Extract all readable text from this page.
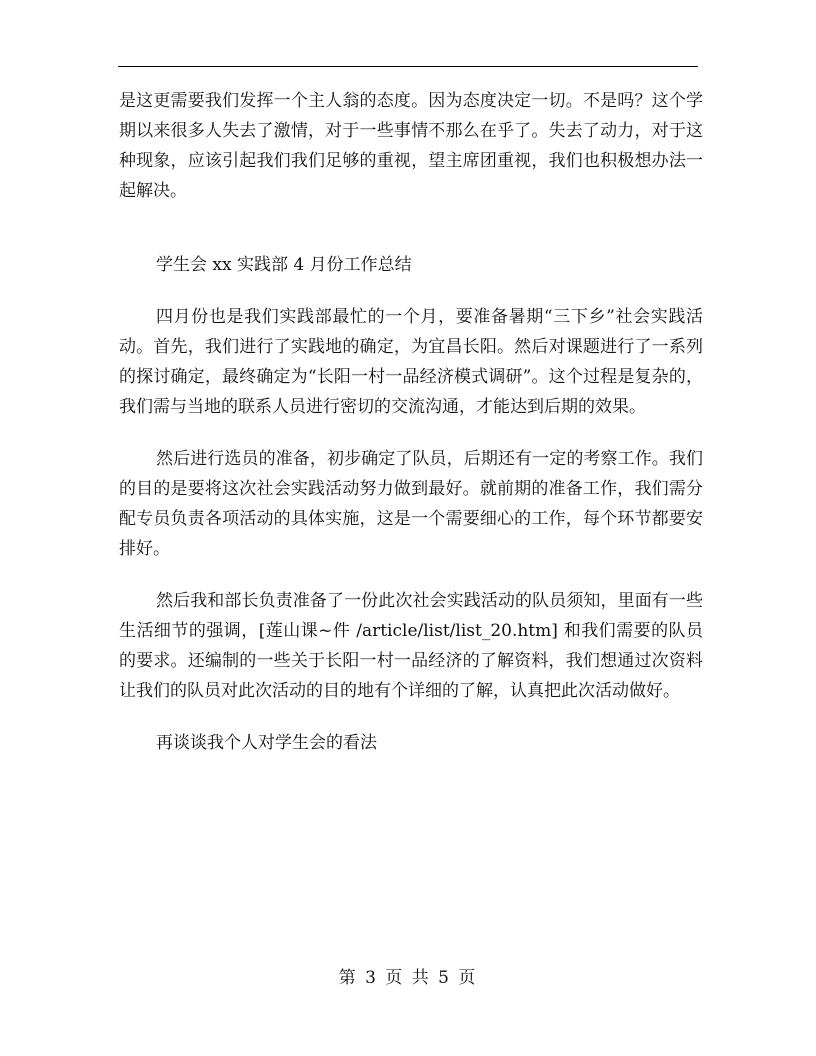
是这更需要我们发挥一个主人翁的态度。因为态度决定一切。不是吗？这个学期以来很多人失去了激情，对于一些事情不那么在乎了。失去了动力，对于这种现象，应该引起我们我们足够的重视，望主席团重视，我们也积极想办法一起解决。

学生会 xx 实践部 4 月份工作总结

四月份也是我们实践部最忙的一个月，要准备暑期“三下乡”社会实践活动。首先，我们进行了实践地的确定，为宜昌长阳。然后对课题进行了一系列的探讨确定，最终确定为“长阳一村一品经济模式调研”。这个过程是复杂的，我们需与当地的联系人员进行密切的交流沟通，才能达到后期的效果。

然后进行选员的准备，初步确定了队员，后期还有一定的考察工作。我们的目的是要将这次社会实践活动努力做到最好。就前期的准备工作，我们需分配专员负责各项活动的具体实施，这是一个需要细心的工作，每个环节都要安排好。

然后我和部长负责准备了一份此次社会实践活动的队员须知，里面有一些生活细节的强调，[莲山课~件 /article/list/list_20.htm] 和我们需要的队员的要求。还编制的一些关于长阳一村一品经济的了解资料，我们想通过次资料让我们的队员对此次活动的目的地有个详细的了解，认真把此次活动做好。

再谈谈我个人对学生会的看法

第 3 页 共 5 页
